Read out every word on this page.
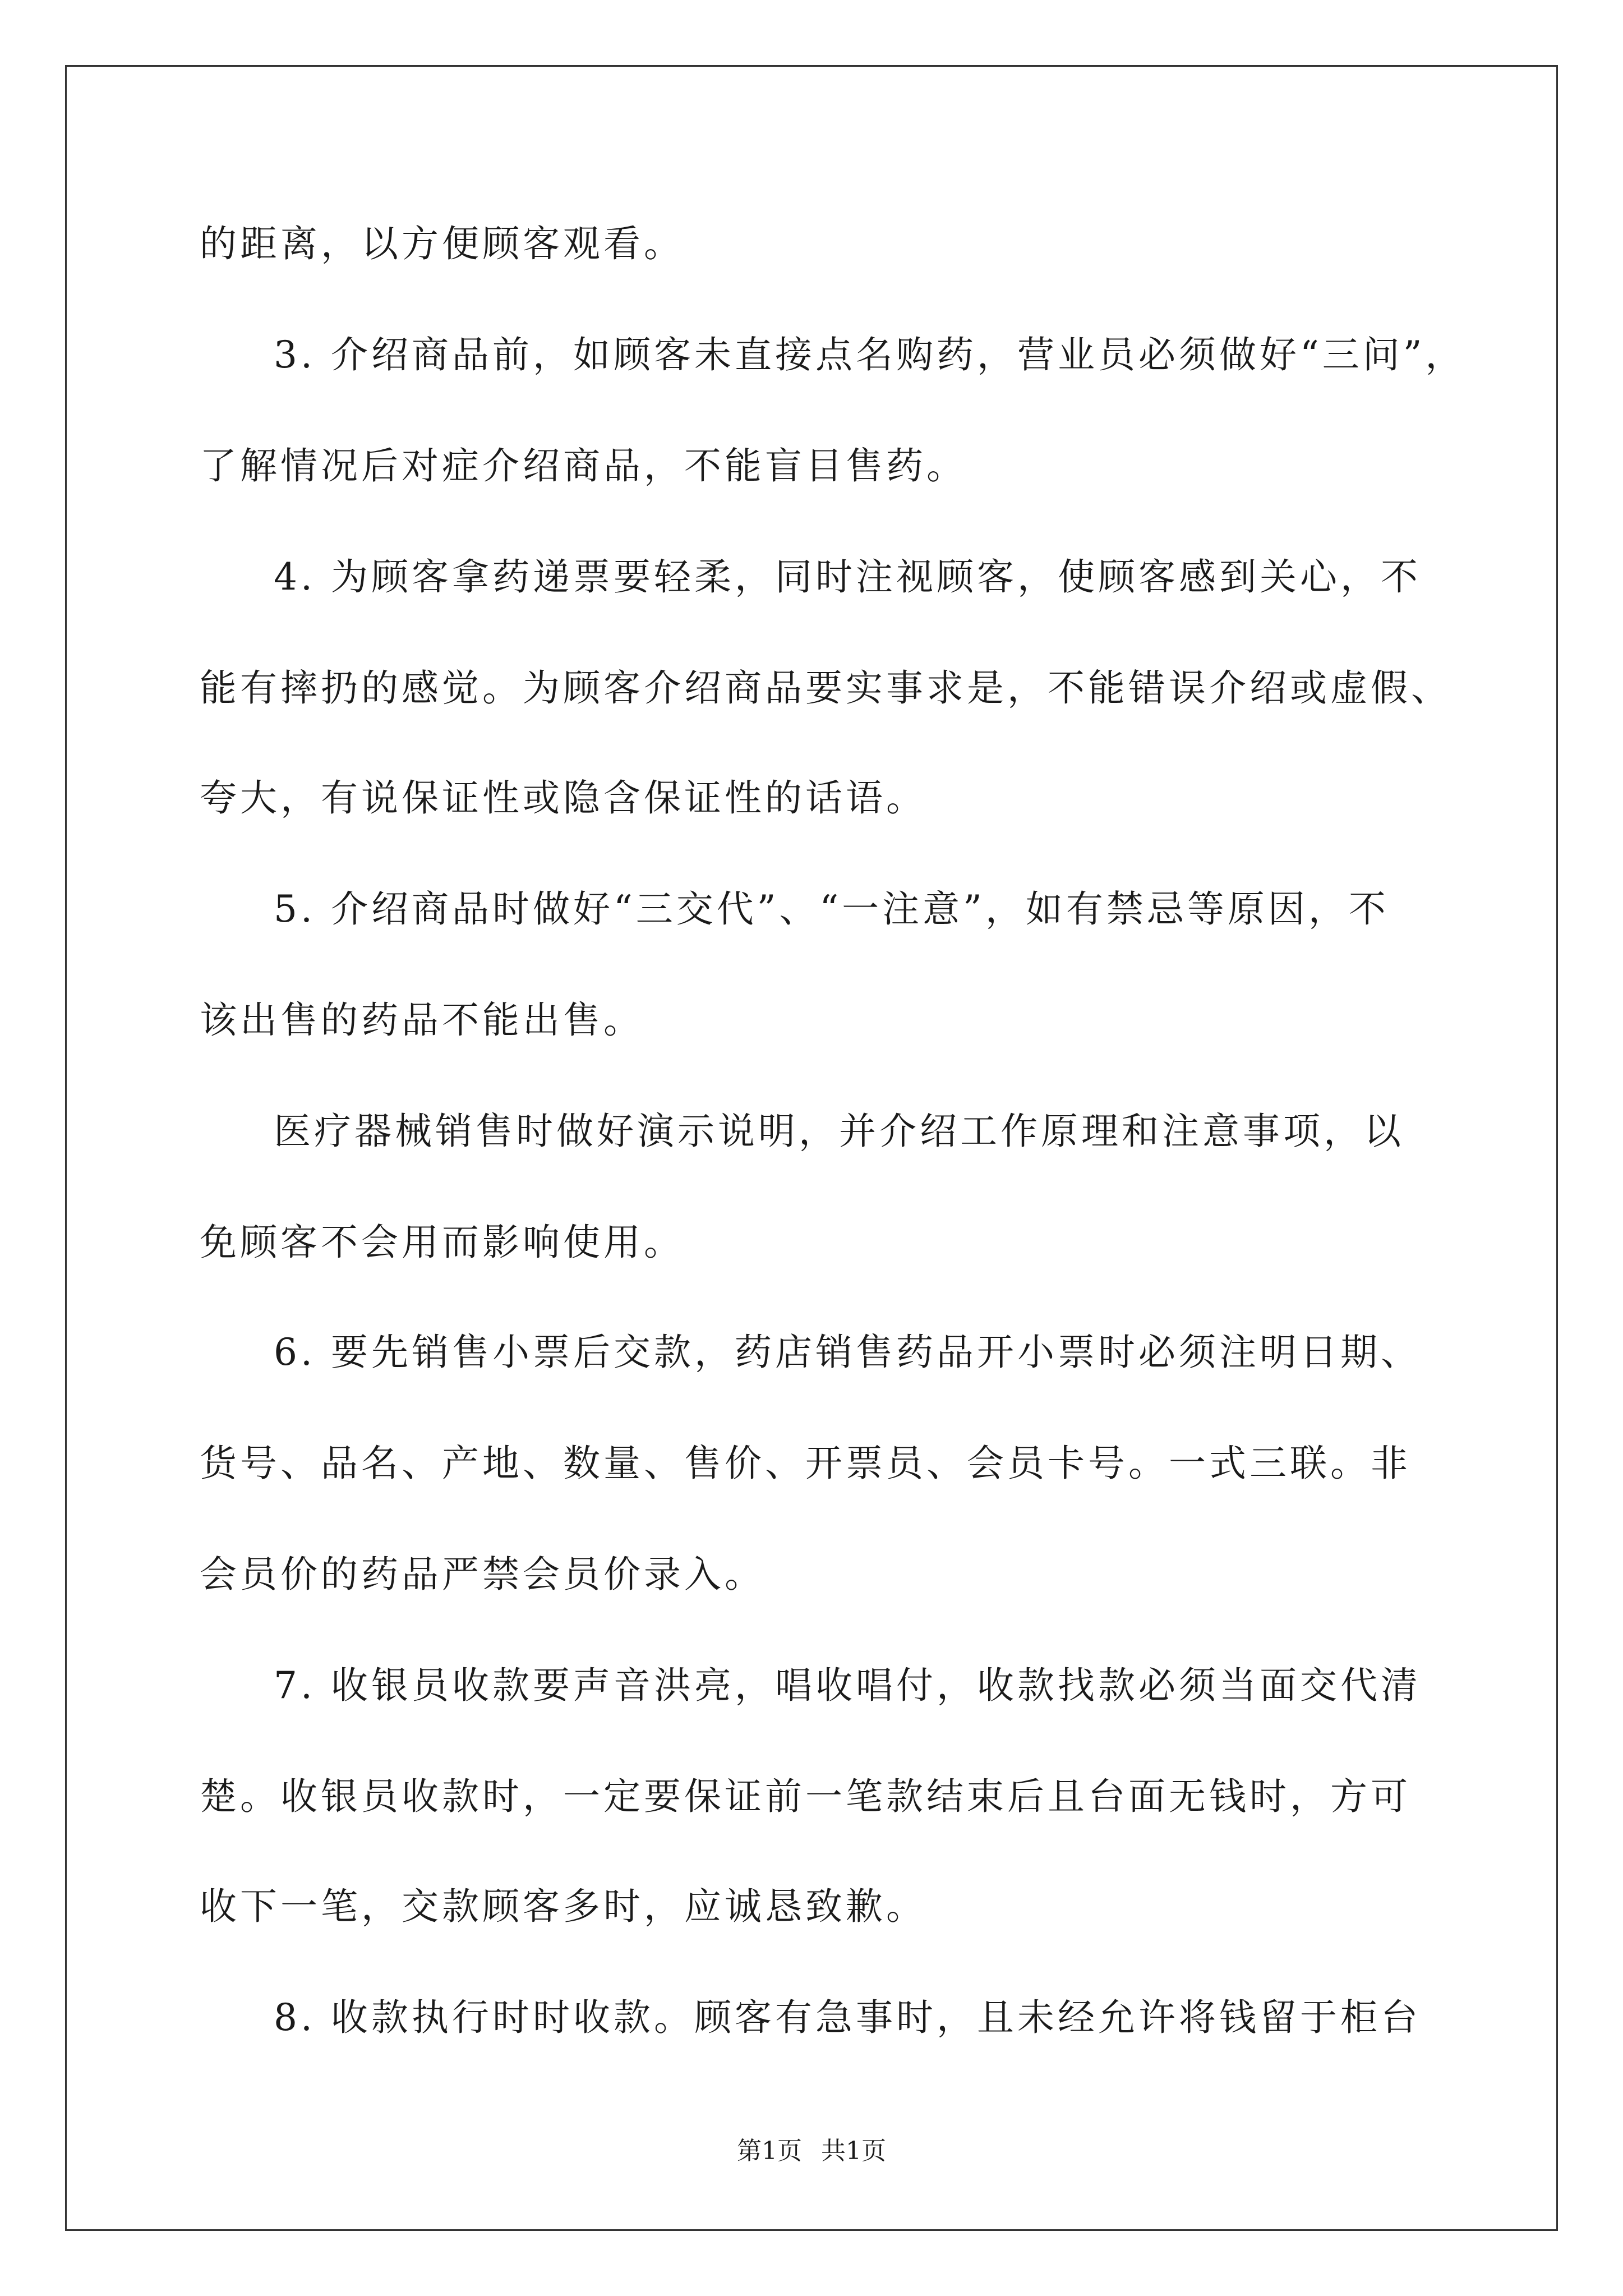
的距离，以方便顾客观看。
3. 介绍商品前，如顾客未直接点名购药，营业员必须做好“三问”，
了解情况后对症介绍商品，不能盲目售药。
4. 为顾客拿药递票要轻柔，同时注视顾客，使顾客感到关心，不
能有摔扔的感觉。为顾客介绍商品要实事求是，不能错误介绍或虚假、
夸大，有说保证性或隐含保证性的话语。
5. 介绍商品时做好“三交代”、“一注意”，如有禁忌等原因，不
该出售的药品不能出售。
医疗器械销售时做好演示说明，并介绍工作原理和注意事项，以
免顾客不会用而影响使用。
6. 要先销售小票后交款，药店销售药品开小票时必须注明日期、
货号、品名、产地、数量、售价、开票员、会员卡号。一式三联。非
会员价的药品严禁会员价录入。
7. 收银员收款要声音洪亮，唱收唱付，收款找款必须当面交代清
楚。收银员收款时，一定要保证前一笔款结束后且台面无钱时，方可
收下一笔，交款顾客多时，应诚恳致歉。
8. 收款执行时时收款。顾客有急事时，且未经允许将钱留于柜台
第1页 共1页
